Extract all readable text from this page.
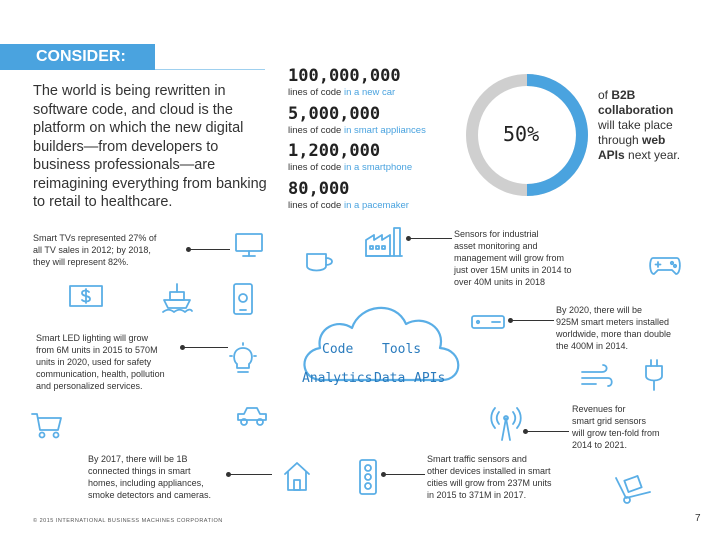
CONSIDER:
The world is being rewritten in software code, and cloud is the platform on which the new digital builders—from developers to business professionals—are reimagining everything from banking to retail to healthcare.
100,000,000
lines of code in a new car
5,000,000
lines of code in smart appliances
1,200,000
lines of code in a smartphone
80,000
lines of code in a pacemaker
50%
of B2B
collaboration
will take place
through web
APIs next year.
Code Tools
Analytics Data APIs
Smart TVs represented 27% of
all TV sales in 2012; by 2018,
they will represent 82%.
Sensors for industrial
asset monitoring and
management will grow from
just over 15M units in 2014 to
over 40M units in 2018
By 2020, there will be
925M smart meters installed
worldwide, more than double
the 400M in 2014.
Smart LED lighting will grow
from 6M units in 2015 to 570M
units in 2020, used for safety
communication, health, pollution
and personalized services.
Revenues for
smart grid sensors
will grow ten-fold from
2014 to 2021.
By 2017, there will be 1B
connected things in smart
homes, including appliances,
smoke detectors and cameras.
Smart traffic sensors and
other devices installed in smart
cities will grow from 237M units
in 2015 to 371M in 2017.
© 2015 INTERNATIONAL BUSINESS MACHINES CORPORATION	7
